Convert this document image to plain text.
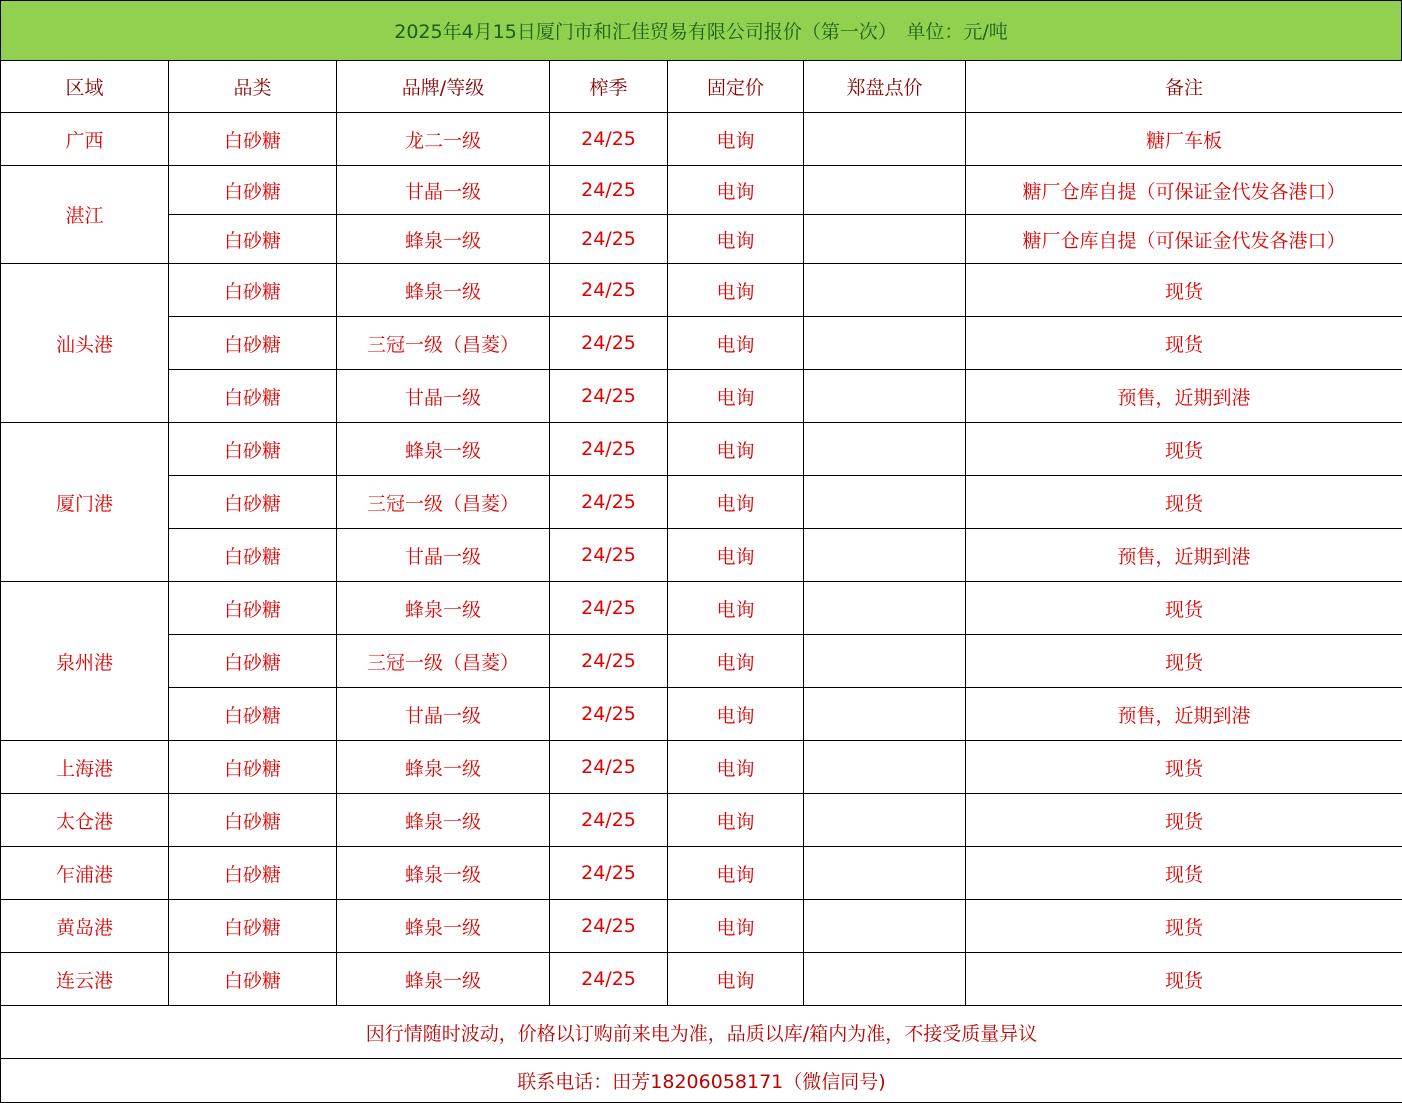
2025年4月15日厦门市和汇佳贸易有限公司报价（第一次）　单位：元/吨
区域	品类	品牌/等级	榨季	固定价	郑盘点价	备注
广西	白砂糖	龙二一级	24/25	电询		糖厂车板
湛江	白砂糖	甘晶一级	24/25	电询		糖厂仓库自提（可保证金代发各港口）
	白砂糖	蜂泉一级	24/25	电询		糖厂仓库自提（可保证金代发各港口）
汕头港	白砂糖	蜂泉一级	24/25	电询		现货
	白砂糖	三冠一级（昌菱）	24/25	电询		现货
	白砂糖	甘晶一级	24/25	电询		预售，近期到港
厦门港	白砂糖	蜂泉一级	24/25	电询		现货
	白砂糖	三冠一级（昌菱）	24/25	电询		现货
	白砂糖	甘晶一级	24/25	电询		预售，近期到港
泉州港	白砂糖	蜂泉一级	24/25	电询		现货
	白砂糖	三冠一级（昌菱）	24/25	电询		现货
	白砂糖	甘晶一级	24/25	电询		预售，近期到港
上海港	白砂糖	蜂泉一级	24/25	电询		现货
太仓港	白砂糖	蜂泉一级	24/25	电询		现货
乍浦港	白砂糖	蜂泉一级	24/25	电询		现货
黄岛港	白砂糖	蜂泉一级	24/25	电询		现货
连云港	白砂糖	蜂泉一级	24/25	电询		现货
因行情随时波动，价格以订购前来电为准，品质以库/箱内为准，不接受质量异议						
联系电话：田芳18206058171（微信同号)						
